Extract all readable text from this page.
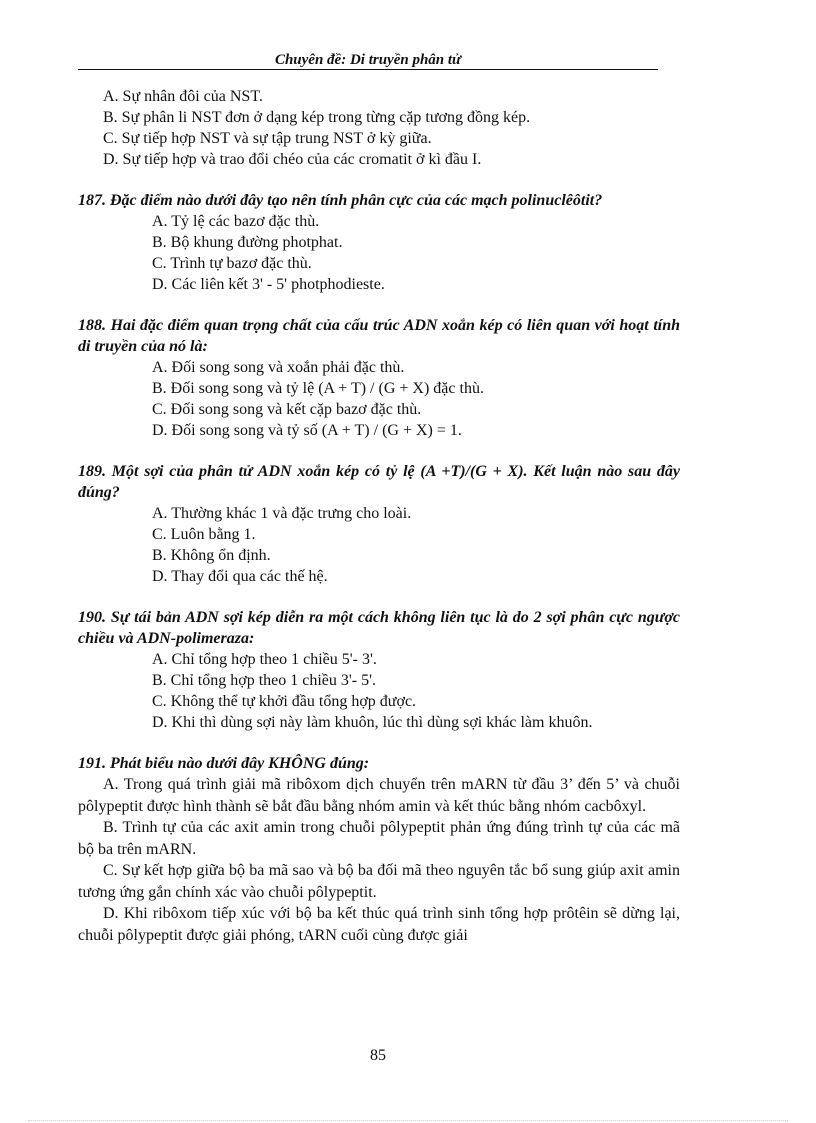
Chuyên đề: Di truyền phân tử
A. Sự nhân đôi của NST.
B. Sự phân li NST đơn ở dạng kép trong từng cặp tương đồng kép.
C. Sự tiếp hợp NST và sự tập trung NST ở kỳ giữa.
D. Sự tiếp hợp và trao đổi chéo của các cromatit ở kì đầu I.
187. Đặc điểm nào dưới đây tạo nên tính phân cực của các mạch polinuclêôtit?
A. Tỷ lệ các bazơ đặc thù.
B. Bộ khung đường photphat.
C. Trình tự bazơ đặc thù.
D. Các liên kết 3' - 5' photphodieste.
188. Hai đặc điểm quan trọng chất của cấu trúc ADN xoắn kép có liên quan với hoạt tính di truyền của nó là:
A. Đối song song và xoắn phải đặc thù.
B. Đối song song và tỷ lệ (A + T) / (G + X) đặc thù.
C. Đối song song và kết cặp bazơ đặc thù.
D. Đối song song và tỷ số (A + T) / (G + X) = 1.
189. Một sợi của phân tử ADN xoắn kép có tỷ lệ (A +T)/(G + X). Kết luận nào sau đây đúng?
A. Thường khác 1 và đặc trưng cho loài.
C. Luôn bằng 1.
B. Không ổn định.
D. Thay đổi qua các thế hệ.
190. Sự tái bản ADN sợi kép diễn ra một cách không liên tục là do 2 sợi phân cực ngược chiều và ADN-polimeraza:
A. Chỉ tổng hợp theo 1 chiều 5'- 3'.
B. Chỉ tổng hợp theo 1 chiều 3'- 5'.
C. Không thể tự khởi đầu tổng hợp được.
D. Khi thì dùng sợi này làm khuôn, lúc thì dùng sợi khác làm khuôn.
191. Phát biểu nào dưới đây KHÔNG đúng:
A. Trong quá trình giải mã ribôxom dịch chuyển trên mARN từ đầu 3’ đến 5’ và chuỗi pôlypeptit được hình thành sẽ bắt đầu bằng nhóm amin và kết thúc bằng nhóm cacbôxyl.
B. Trình tự của các axit amin trong chuỗi pôlypeptit phản ứng đúng trình tự của các mã bộ ba trên mARN.
C. Sự kết hợp giữa bộ ba mã sao và bộ ba đối mã theo nguyên tắc bổ sung giúp axit amin tương ứng gắn chính xác vào chuỗi pôlypeptit.
D. Khi ribôxom tiếp xúc với bộ ba kết thúc quá trình sinh tổng hợp prôtêin sẽ dừng lại, chuỗi pôlypeptit được giải phóng, tARN cuối cùng được giải
85
